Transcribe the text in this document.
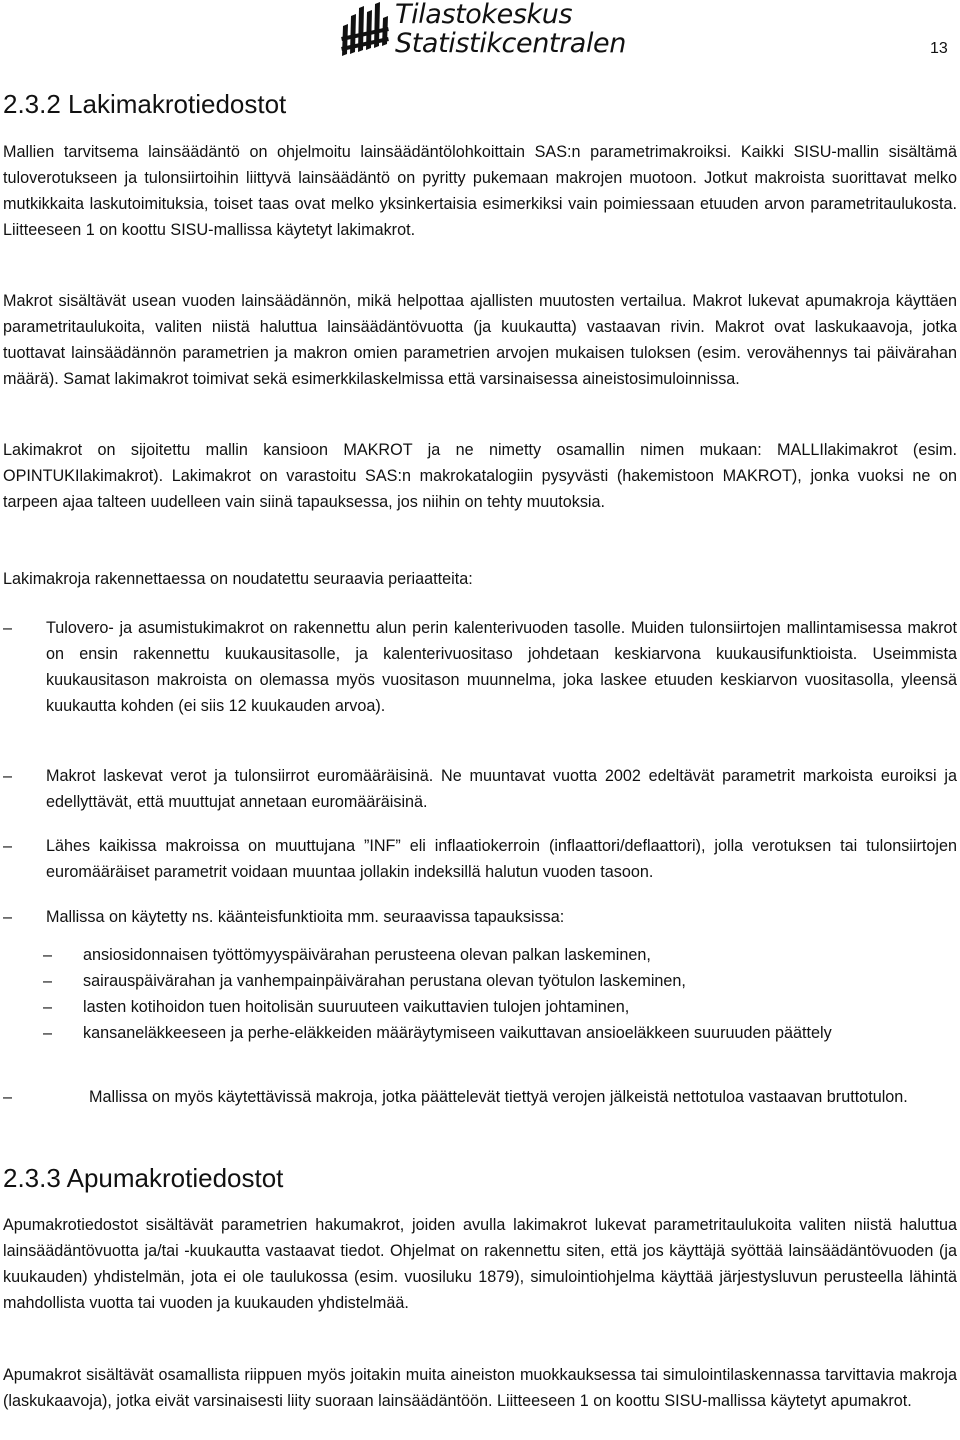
Tilastokeskus
Statistikcentralen	13
2.3.2 Lakimakrotiedostot

Mallien tarvitsema lainsäädäntö on ohjelmoitu lainsäädäntölohkoittain SAS:n parametrimakroiksi. Kaikki SISU-mallin sisältämä tuloverotukseen ja tulonsiirtoihin liittyvä lainsäädäntö on pyritty pukemaan makrojen muotoon. Jotkut makroista suorittavat melko mutkikkaita laskutoimituksia, toiset taas ovat melko yksinkertaisia esimerkiksi vain poimiessaan etuuden arvon parametritaulukosta. Liitteeseen 1 on koottu SISU-mallissa käytetyt lakimakrot.

Makrot sisältävät usean vuoden lainsäädännön, mikä helpottaa ajallisten muutosten vertailua. Makrot lukevat apumakroja käyttäen parametritaulukoita, valiten niistä haluttua lainsäädäntövuotta (ja kuukautta) vastaavan rivin. Makrot ovat laskukaavoja, jotka tuottavat lainsäädännön parametrien ja makron omien parametrien arvojen mukaisen tuloksen (esim. verovähennys tai päivärahan määrä). Samat lakimakrot toimivat sekä esimerkkilaskelmissa että varsinaisessa aineistosimuloinnissa.

Lakimakrot on sijoitettu mallin kansioon MAKROT ja ne nimetty osamallin nimen mukaan: MALLIlakimakrot (esim. OPINTUKIlakimakrot). Lakimakrot on varastoitu SAS:n makrokatalogiin pysyvästi (hakemistoon MAKROT), jonka vuoksi ne on tarpeen ajaa talteen uudelleen vain siinä tapauksessa, jos niihin on tehty muutoksia.

Lakimakroja rakennettaessa on noudatettu seuraavia periaatteita:

– Tulovero- ja asumistukimakrot on rakennettu alun perin kalenterivuoden tasolle. Muiden tulonsiirtojen mallintamisessa makrot on ensin rakennettu kuukausitasolle, ja kalenterivuositaso johdetaan keskiarvona kuukausifunktioista. Useimmista kuukausitason makroista on olemassa myös vuositason muunnelma, joka laskee etuuden keskiarvon vuositasolla, yleensä kuukautta kohden (ei siis 12 kuukauden arvoa).
– Makrot laskevat verot ja tulonsiirrot euromääräisinä. Ne muuntavat vuotta 2002 edeltävät parametrit markoista euroiksi ja edellyttävät, että muuttujat annetaan euromääräisinä.
– Lähes kaikissa makroissa on muuttujana ”INF” eli inflaatiokerroin (inflaattori/deflaattori), jolla verotuksen tai tulonsiirtojen euromääräiset parametrit voidaan muuntaa jollakin indeksillä halutun vuoden tasoon.
– Mallissa on käytetty ns. käänteisfunktioita mm. seuraavissa tapauksissa:
– ansiosidonnaisen työttömyyspäivärahan perusteena olevan palkan laskeminen,
– sairauspäivärahan ja vanhempainpäivärahan perustana olevan työtulon laskeminen,
– lasten kotihoidon tuen hoitolisän suuruuteen vaikuttavien tulojen johtaminen,
– kansaneläkkeeseen ja perhe-eläkkeiden määräytymiseen vaikuttavan ansioeläkkeen suuruuden päättely
–	Mallissa on myös käytettävissä makroja, jotka päättelevät tiettyä verojen jälkeistä nettotuloa vastaavan bruttotulon.
2.3.3 Apumakrotiedostot

Apumakrotiedostot sisältävät parametrien hakumakrot, joiden avulla lakimakrot lukevat parametritaulukoita valiten niistä haluttua lainsäädäntövuotta ja/tai -kuukautta vastaavat tiedot. Ohjelmat on rakennettu siten, että jos käyttäjä syöttää lainsäädäntövuoden (ja kuukauden) yhdistelmän, jota ei ole taulukossa (esim. vuosiluku 1879), simulointiohjelma käyttää järjestysluvun perusteella lähintä mahdollista vuotta tai vuoden ja kuukauden yhdistelmää.

Apumakrot sisältävät osamallista riippuen myös joitakin muita aineiston muokkauksessa tai simulointilaskennassa tarvittavia makroja (laskukaavoja), jotka eivät varsinaisesti liity suoraan lainsäädäntöön. Liitteeseen 1 on koottu SISU-mallissa käytetyt apumakrot.
